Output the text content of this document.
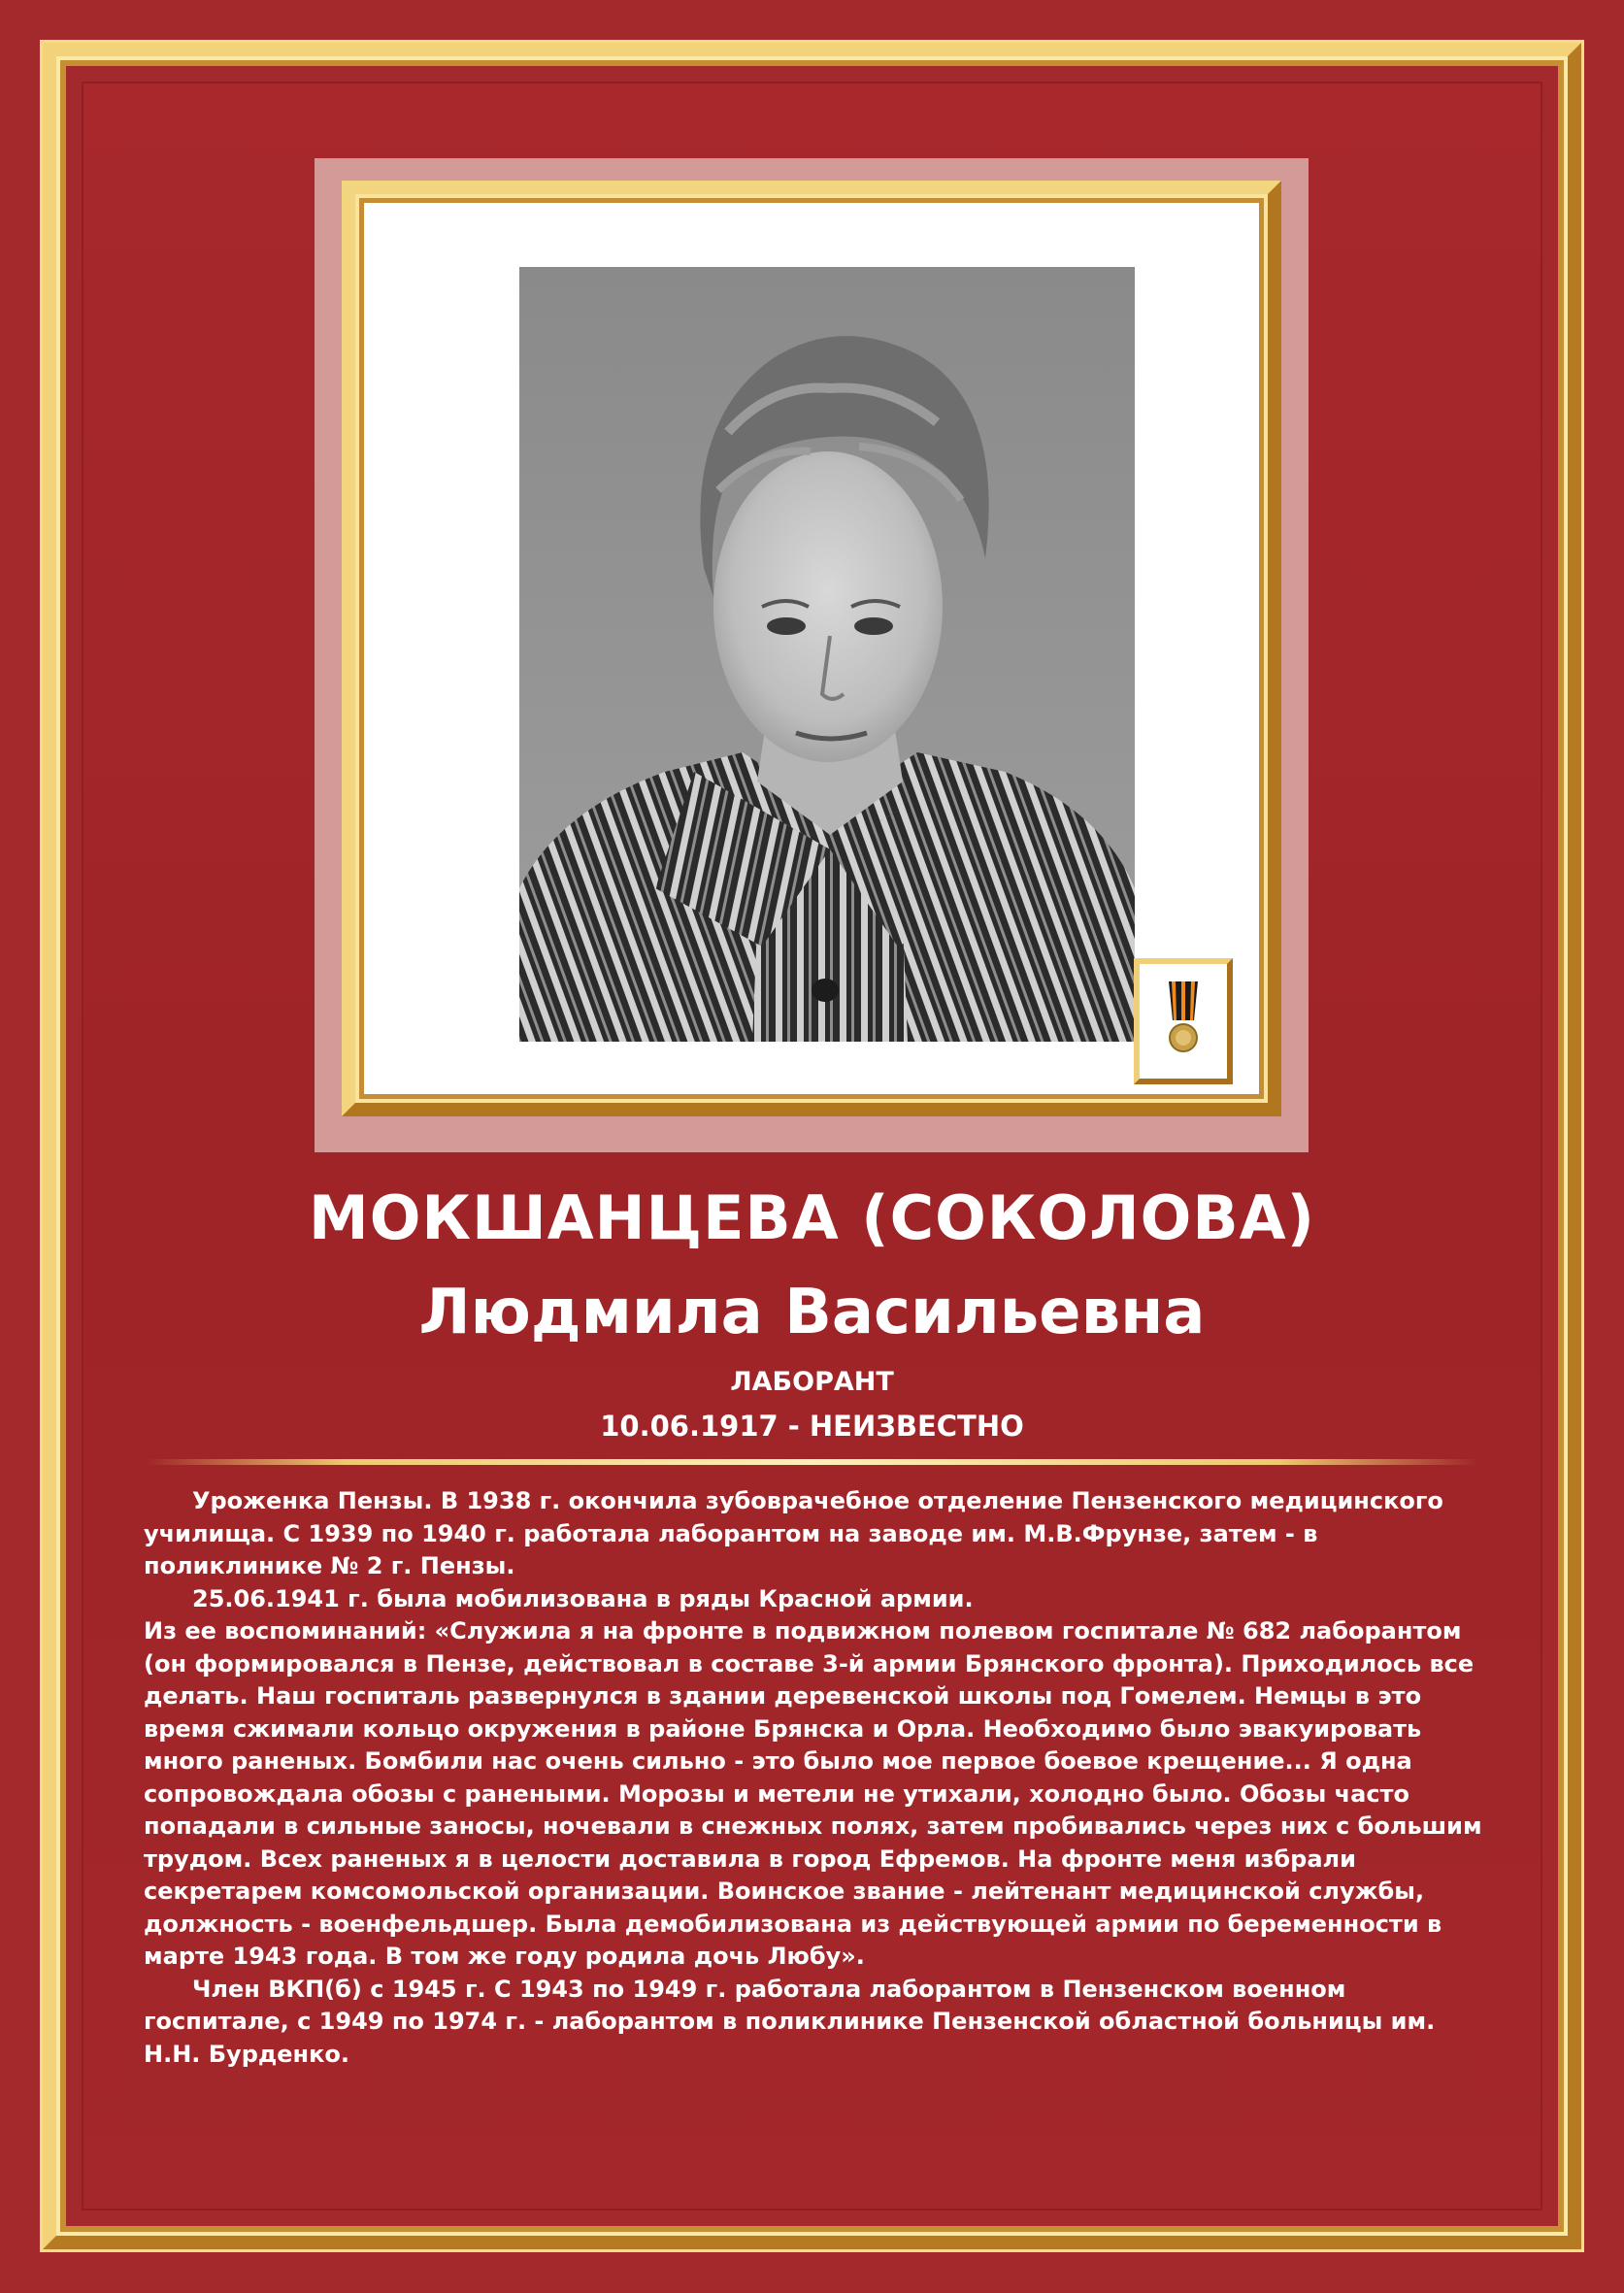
МОКШАНЦЕВА (СОКОЛОВА)
Людмила Васильевна
ЛАБОРАНТ
10.06.1917 - НЕИЗВЕСТНО

Уроженка Пензы. В 1938 г. окончила зубоврачебное отделение Пензенского медицинского училища. С 1939 по 1940 г. работала лаборантом на заводе им. М.В.Фрунзе, затем - в поликлинике № 2 г. Пензы.

25.06.1941 г. была мобилизована в ряды Красной армии.

Из ее воспоминаний: «Служила я на фронте в подвижном полевом госпитале № 682 лаборантом (он формировался в Пензе, действовал в составе 3-й армии Брянского фронта). Приходилось все делать. Наш госпиталь развернулся в здании деревенской школы под Гомелем. Немцы в это время сжимали кольцо окружения в районе Брянска и Орла. Необходимо было эвакуировать много раненых. Бомбили нас очень сильно - это было мое первое боевое крещение... Я одна сопровождала обозы с ранеными. Морозы и метели не утихали, холодно было. Обозы часто попадали в сильные заносы, ночевали в снежных полях, затем пробивались через них с большим трудом. Всех раненых я в целости доставила в город Ефремов. На фронте меня избрали секретарем комсомольской организации. Воинское звание - лейтенант медицинской службы, должность - военфельдшер. Была демобилизована из действующей армии по беременности в марте 1943 года. В том же году родила дочь Любу».

Член ВКП(б) с 1945 г. С 1943 по 1949 г. работала лаборантом в Пензенском военном госпитале, с 1949 по 1974 г. - лаборантом в поликлинике Пензенской областной больницы им. Н.Н. Бурденко.
